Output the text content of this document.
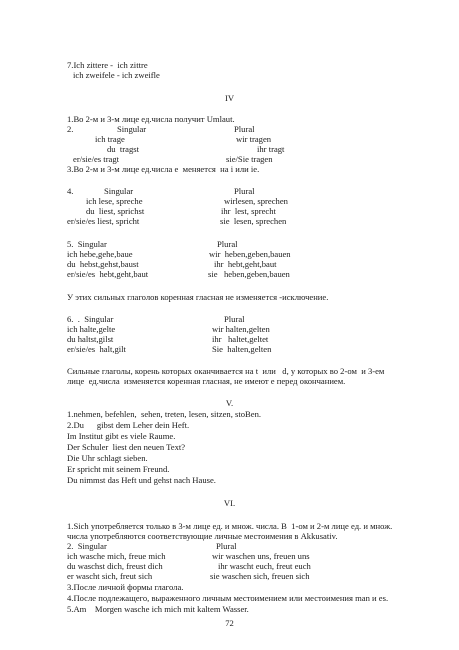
7.Ich zittere -  ich zittre
ich zweifele - ich zweifle
IV
1.Во 2-м и 3-м лице ед.числа получит Umlaut.
2.	Singular	Plural
ich trage	wir tragen
du  tragst	ihr tragt
er/sie/es tragt	sie/Sie tragen
3.Во 2-м и 3-м лице ед.числа е  меняется  на i или ie.
4.	Singular	Plural
ich lese, spreche	wirlesen, sprechen
du  liest, sprichst	ihr  lest, sprecht
er/sie/es liest, spricht	sie  lesen, sprechen
5.  Singular	Plural
ich hebe,gehe,baue	wir  heben,geben,bauen
du  hebst,gehst,baust	ihr  hebt,geht,baut
er/sie/es  hebt,geht,baut	sie   heben,geben,bauen
У этих сильных глаголов коренная гласная не изменяется -исключение.
6.  .  Singular	Plural
ich halte,gelte	wir halten,gelten
du haltst,gilst	ihr   haltet,geltet
er/sie/es  halt,gilt	Sie  halten,gelten
Сильные глаголы, корень которых оканчивается на t  или   d, у которых во 2-ом  и 3-ем
лице  ед.числа  изменяется коренная гласная, не имеют е перед окончанием.
V.
1.nehmen, befehlen,  sehen, treten, lesen, sitzen, stoBen.
2.Du      gibst dem Leher dein Heft.
Im Institut gibt es viele Raume.
Der Schuler  liest den neuen Text?
Die Uhr schlagt sieben.
Er spricht mit seinem Freund.
Du nimmst das Heft und gehst nach Hause.
VI.
1.Sich употребляется только в 3-м лице ед. и множ. числа. В  1-ом и 2-м лице ед. и множ.
числа употребляются соответствующие личные местоимения в Akkusativ.
2.  Singular	Plural
ich wasche mich, freue mich	wir waschen uns, freuen uns
du waschst dich, freust dich	ihr wascht euch, freut euch
er wascht sich, freut sich	sie waschen sich, freuen sich
3.После личной формы глагола.
4.После подлежащего, выраженного личным местоимением или местоимения man и es.
5.Am    Morgen wasche ich mich mit kaltem Wasser.
72
